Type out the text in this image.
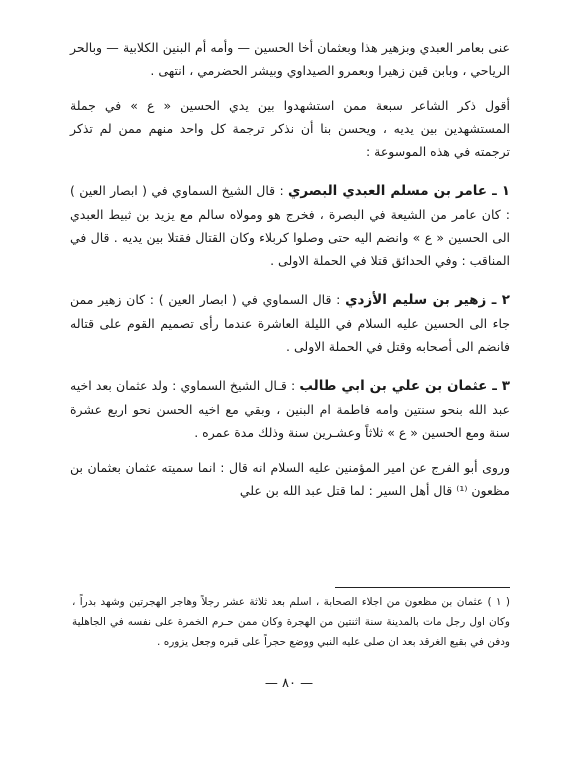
عنى بعامر العبدي وبزهير هذا وبعثمان أخا الحسين — وأمه أم البنين الكلابية — وبالحر الرياحي ، وبابن قين زهيرا وبعمرو الصيداوي وبيشر الحضرمي ، انتهى .

أقول ذكر الشاعر سبعة ممن استشهدوا بين يدي الحسين « ع » في جملة المستشهدين بين يديه ، ويحسن بنا أن نذكر ترجمة كل واحد منهم ممن لم تذكر ترجمته في هذه الموسوعة :

١ ـ عامر بن مسلم العبدي البصري : قال الشيخ السماوي في ( ابصار العين ) : كان عامر من الشيعة في البصرة ، فخرج هو ومولاه سالم مع يزيد بن ثبيط العبدي الى الحسين « ع » وانضم اليه حتى وصلوا كربلاء وكان القتال فقتلا بين يديه . قال في المناقب : وفي الحدائق قتلا في الحملة الاولى .

٢ ـ زهير بن سليم الأزدي : قال السماوي في ( ابصار العين ) : كان زهير ممن جاء الى الحسين عليه السلام في الليلة العاشرة عندما رأى تصميم القوم على قتاله فانضم الى أصحابه وقتل في الحملة الاولى .

٣ ـ عثمان بن علي بن ابي طالب : قـال الشيخ السماوي : ولد عثمان بعد اخيه عبد الله بنحو سنتين وامه فاطمة ام البنين ، وبقي مع اخيه الحسن نحو اربع عشرة سنة ومع الحسين « ع » ثلاثاً وعشـرين سنة وذلك مدة عمره .

وروى أبو الفرج عن امير المؤمنين عليه السلام انه قال : انما سميته عثمان بعثمان بن مظعون ⁽¹⁾ قال أهل السير : لما قتل عبد الله بن علي

( ١ ) عثمان بن مظعون من اجلاء الصحابة ، اسلم بعد ثلاثة عشر رجلاً وهاجر الهجرتين وشهد بدراً ، وكان اول رجل مات بالمدينة سنة اثنتين من الهجرة وكان ممن حـرم الخمرة على نفسه في الجاهلية ودفن في بقيع الغرقد بعد ان صلى عليه النبي ووضع حجراً على قبره وجعل يزوره .
— ٨٠ —
